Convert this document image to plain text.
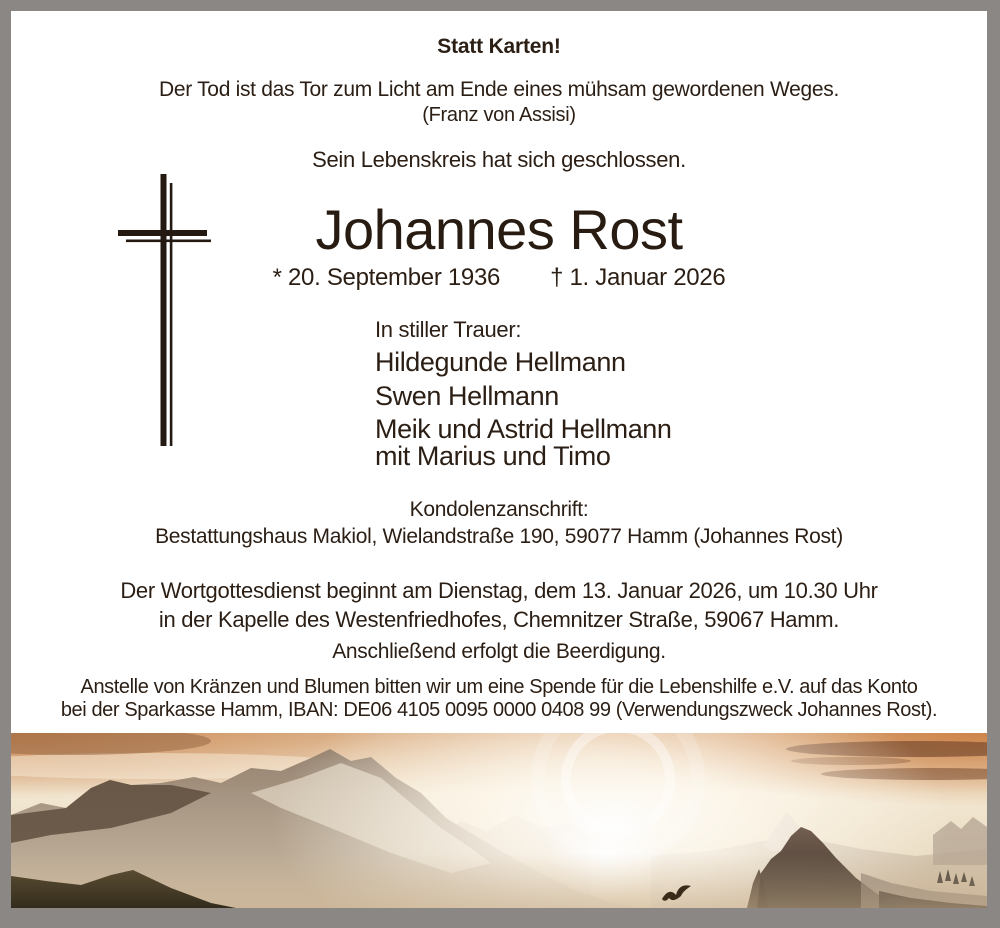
Statt Karten!
Der Tod ist das Tor zum Licht am Ende eines mühsam gewordenen Weges.
(Franz von Assisi)
Sein Lebenskreis hat sich geschlossen.
Johannes Rost
* 20. September 1936 † 1. Januar 2026
In stiller Trauer:
Hildegunde Hellmann
Swen Hellmann
Meik und Astrid Hellmann
mit Marius und Timo
Kondolenzanschrift:
Bestattungshaus Makiol, Wielandstraße 190, 59077 Hamm (Johannes Rost)
Der Wortgottesdienst beginnt am Dienstag, dem 13. Januar 2026, um 10.30 Uhr
in der Kapelle des Westenfriedhofes, Chemnitzer Straße, 59067 Hamm.
Anschließend erfolgt die Beerdigung.
Anstelle von Kränzen und Blumen bitten wir um eine Spende für die Lebenshilfe e.V. auf das Konto
bei der Sparkasse Hamm, IBAN: DE06 4105 0095 0000 0408 99 (Verwendungszweck Johannes Rost).
